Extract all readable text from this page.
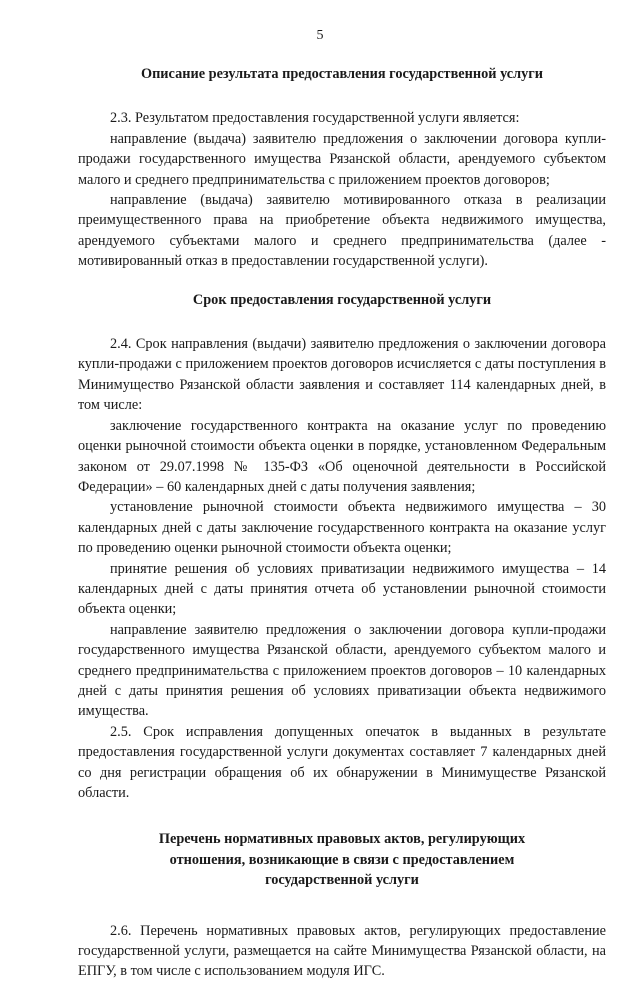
5
Описание результата предоставления государственной услуги

2.3. Результатом предоставления государственной услуги является:

направление (выдача) заявителю предложения о заключении договора купли-продажи государственного имущества Рязанской области, арендуемого субъектом малого и среднего предпринимательства с приложением проектов договоров;

направление (выдача) заявителю мотивированного отказа в реализации преимущественного права на приобретение объекта недвижимого имущества, арендуемого субъектами малого и среднего предпринимательства (далее - мотивированный отказ в предоставлении государственной услуги).

Срок предоставления государственной услуги

2.4. Срок направления (выдачи) заявителю предложения о заключении договора купли-продажи с приложением проектов договоров исчисляется с даты поступления в Минимущество Рязанской области заявления и составляет 114 календарных дней, в том числе:

заключение государственного контракта на оказание услуг по проведению оценки рыночной стоимости объекта оценки в порядке, установленном Федеральным законом от 29.07.1998 № 135-ФЗ «Об оценочной деятельности в Российской Федерации» – 60 календарных дней с даты получения заявления;

установление рыночной стоимости объекта недвижимого имущества – 30 календарных дней с даты заключение государственного контракта на оказание услуг по проведению оценки рыночной стоимости объекта оценки;

принятие решения об условиях приватизации недвижимого имущества – 14 календарных дней с даты принятия отчета об установлении рыночной стоимости объекта оценки;

направление заявителю предложения о заключении договора купли-продажи государственного имущества Рязанской области, арендуемого субъектом малого и среднего предпринимательства с приложением проектов договоров – 10 календарных дней с даты принятия решения об условиях приватизации объекта недвижимого имущества.

2.5. Срок исправления допущенных опечаток в выданных в результате предоставления государственной услуги документах составляет 7 календарных дней со дня регистрации обращения об их обнаружении в Минимуществе Рязанской области.

Перечень нормативных правовых актов, регулирующих
отношения, возникающие в связи с предоставлением
государственной услуги

2.6. Перечень нормативных правовых актов, регулирующих предоставление государственной услуги, размещается на сайте Минимущества Рязанской области, на ЕПГУ, в том числе с использованием модуля ИГС.
